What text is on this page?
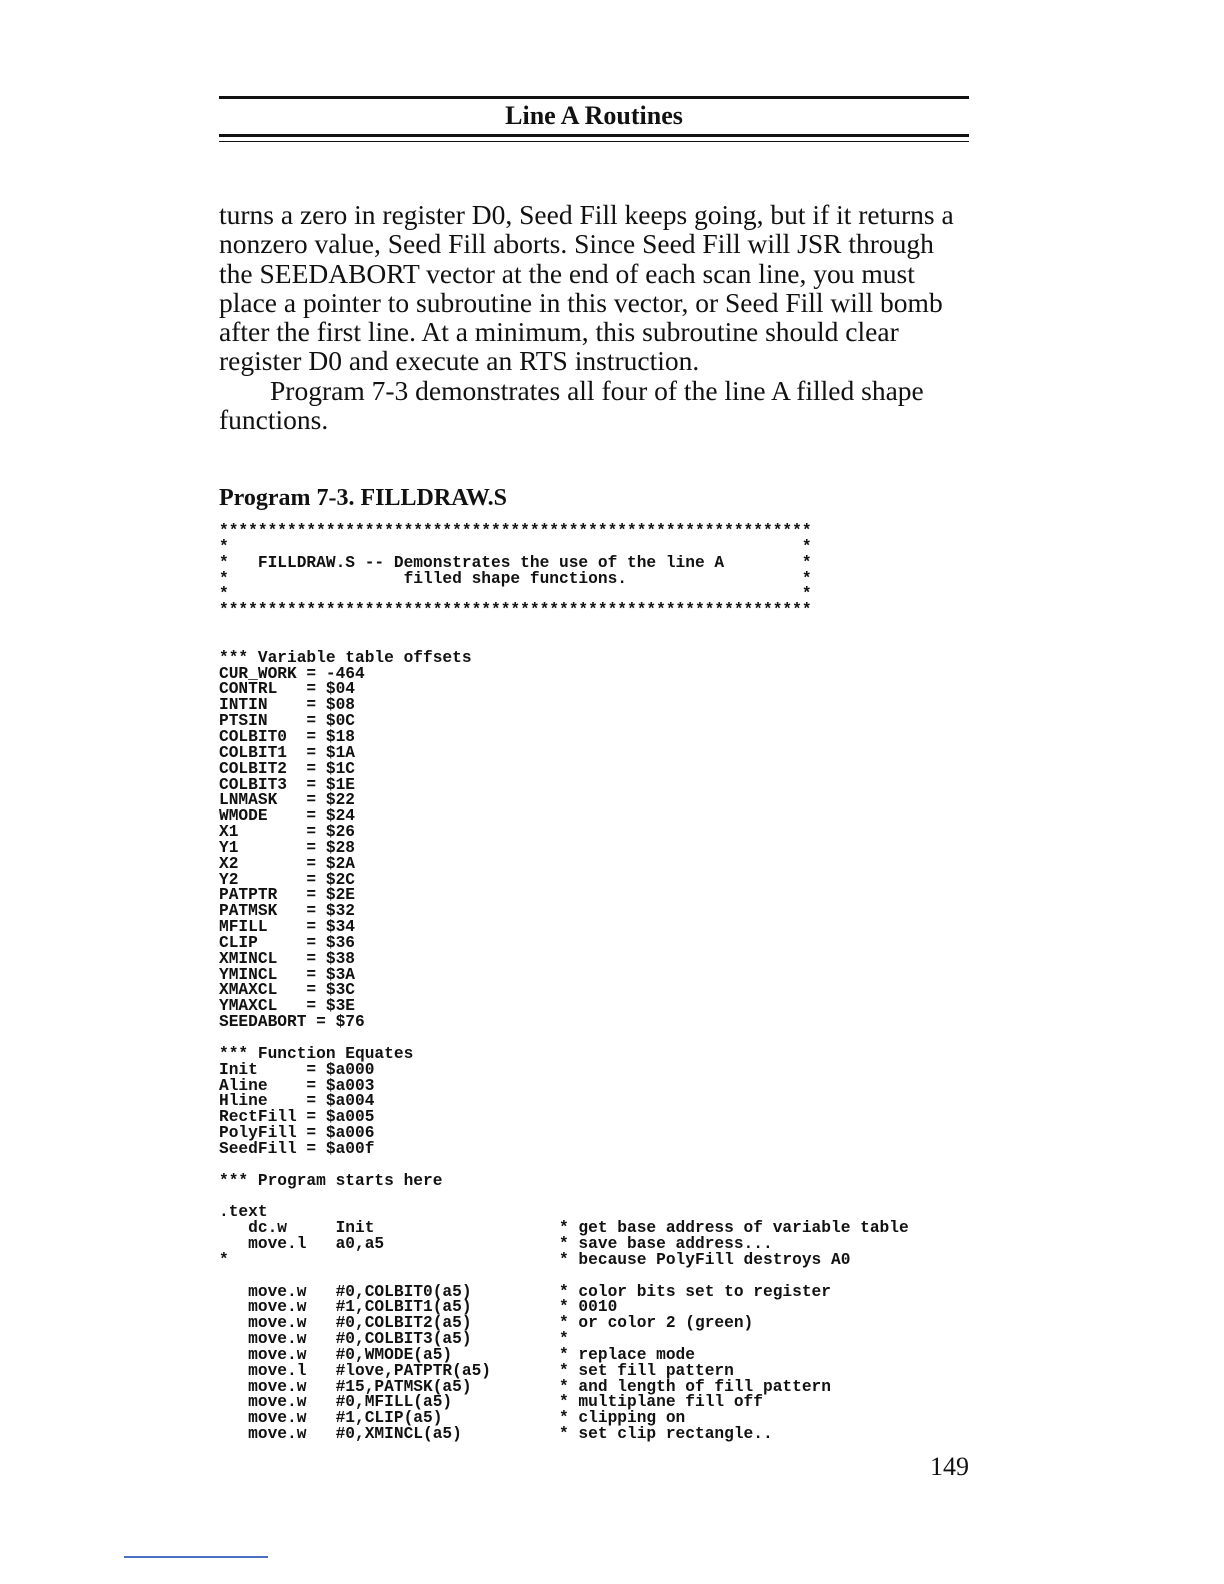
Line A Routines

turns a zero in register D0, Seed Fill keeps going, but if it returns a nonzero value, Seed Fill aborts. Since Seed Fill will JSR through the SEEDABORT vector at the end of each scan line, you must place a pointer to subroutine in this vector, or Seed Fill will bomb after the first line. At a minimum, this subroutine should clear register D0 and execute an RTS instruction.

Program 7-3 demonstrates all four of the line A filled shape functions.

Program 7-3. FILLDRAW.S
*************************************************************
*                                                           *
*   FILLDRAW.S -- Demonstrates the use of the line A        *
*                  filled shape functions.                  *
*                                                           *
*************************************************************
*** Variable table offsets
CUR_WORK = -464
CONTRL   = $04
INTIN    = $08
PTSIN    = $0C
COLBIT0  = $18
COLBIT1  = $1A
COLBIT2  = $1C
COLBIT3  = $1E
LNMASK   = $22
WMODE    = $24
X1       = $26
Y1       = $28
X2       = $2A
Y2       = $2C
PATPTR   = $2E
PATMSK   = $32
MFILL    = $34
CLIP     = $36
XMINCL   = $38
YMINCL   = $3A
XMAXCL   = $3C
YMAXCL   = $3E
SEEDABORT = $76
*** Function Equates
Init     = $a000
Aline    = $a003
Hline    = $a004
RectFill = $a005
PolyFill = $a006
SeedFill = $a00f
*** Program starts here
.text
dc.w     Init                   * get base address of variable table
move.l   a0,a5                  * save base address...
*                                  * because PolyFill destroys A0
move.w   #0,COLBIT0(a5)         * color bits set to register
move.w   #1,COLBIT1(a5)         * 0010
move.w   #0,COLBIT2(a5)         * or color 2 (green)
move.w   #0,COLBIT3(a5)         *
move.w   #0,WMODE(a5)           * replace mode
move.l   #love,PATPTR(a5)       * set fill pattern
move.w   #15,PATMSK(a5)         * and length of fill pattern
move.w   #0,MFILL(a5)           * multiplane fill off
move.w   #1,CLIP(a5)            * clipping on
move.w   #0,XMINCL(a5)          * set clip rectangle..
149
